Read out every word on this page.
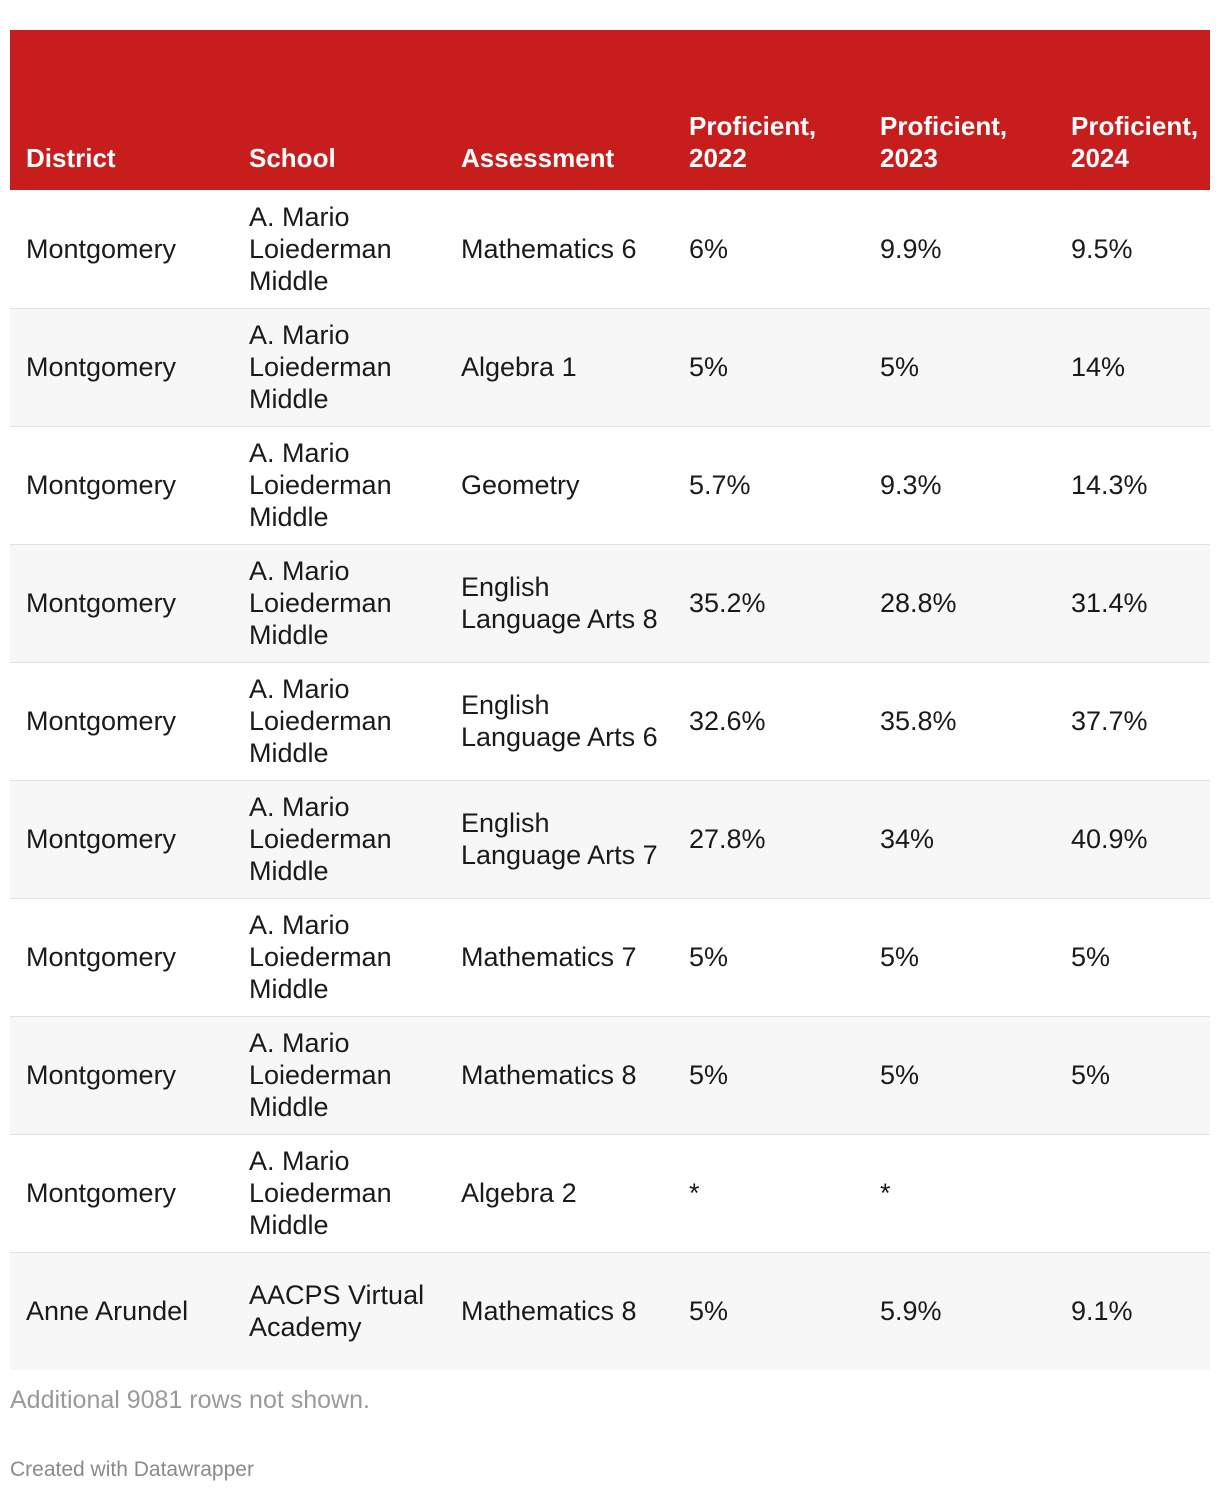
District	School	Assessment	Proficient, 2022	Proficient, 2023	Proficient, 2024
Montgomery	A. Mario Loiederman Middle	Mathematics 6	6%	9.9%	9.5%
Montgomery	A. Mario Loiederman Middle	Algebra 1	5%	5%	14%
Montgomery	A. Mario Loiederman Middle	Geometry	5.7%	9.3%	14.3%
Montgomery	A. Mario Loiederman Middle	English Language Arts 8	35.2%	28.8%	31.4%
Montgomery	A. Mario Loiederman Middle	English Language Arts 6	32.6%	35.8%	37.7%
Montgomery	A. Mario Loiederman Middle	English Language Arts 7	27.8%	34%	40.9%
Montgomery	A. Mario Loiederman Middle	Mathematics 7	5%	5%	5%
Montgomery	A. Mario Loiederman Middle	Mathematics 8	5%	5%	5%
Montgomery	A. Mario Loiederman Middle	Algebra 2	*	*	
Anne Arundel	AACPS Virtual Academy	Mathematics 8	5%	5.9%	9.1%
Additional 9081 rows not shown.
Created with Datawrapper
